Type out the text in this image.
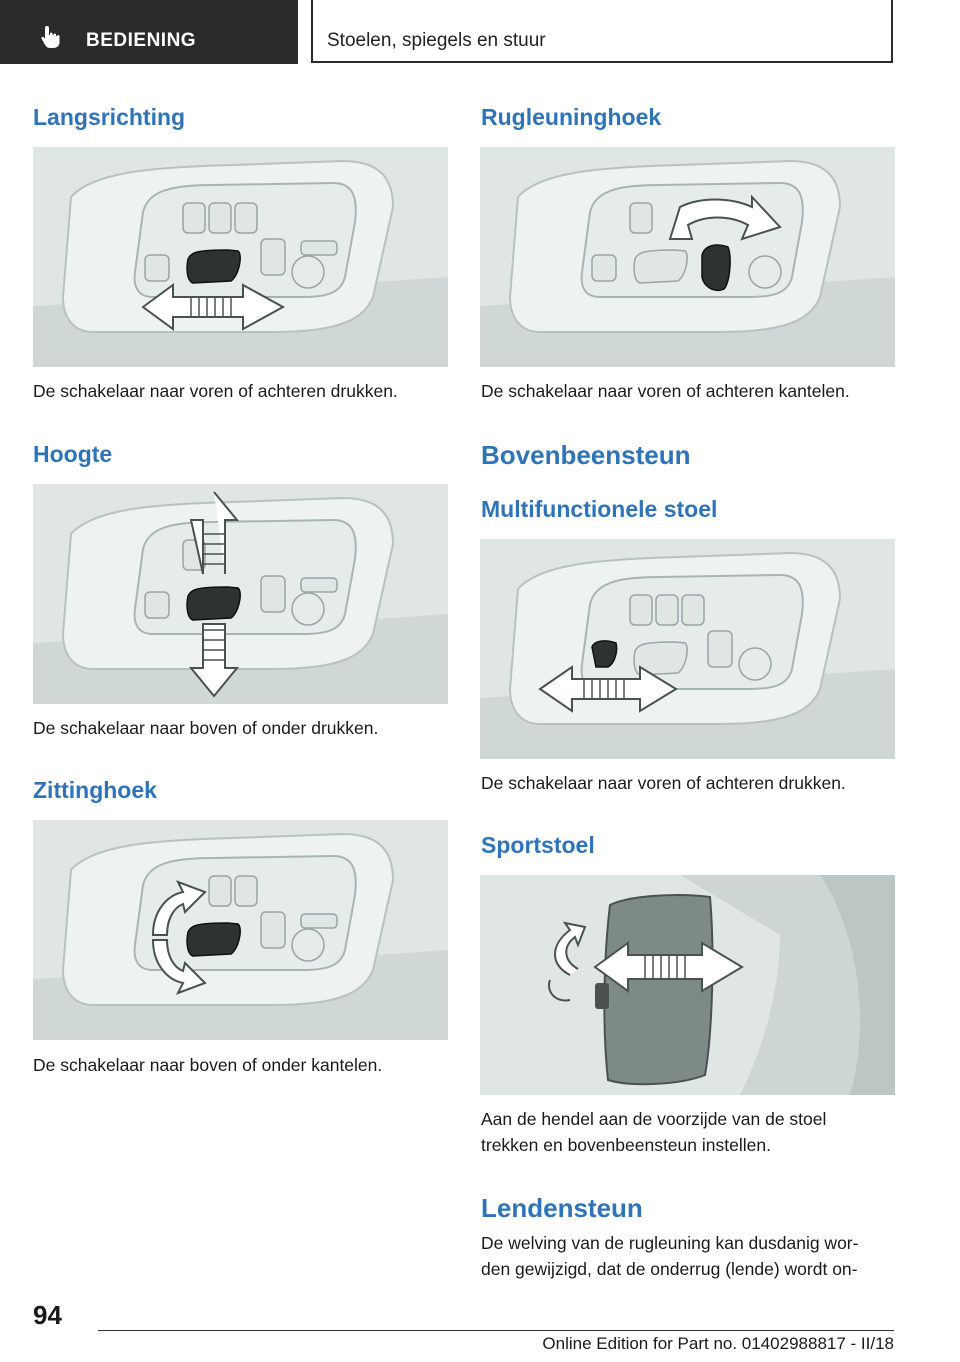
BEDIENING	Stoelen, spiegels en stuur
Langsrichting

De schakelaar naar voren of achteren drukken.

Hoogte

De schakelaar naar boven of onder drukken.

Zittinghoek

De schakelaar naar boven of onder kantelen.

Rugleuninghoek

De schakelaar naar voren of achteren kantelen.

Bovenbeensteun
Multifunctionele stoel

De schakelaar naar voren of achteren drukken.

Sportstoel

Aan de hendel aan de voorzijde van de stoel
trekken en bovenbeensteun instellen.

Lendensteun

De welving van de rugleuning kan dusdanig wor-
den gewijzigd, dat de onderrug (lende) wordt on-

94
Online Edition for Part no. 01402988817 - II/18
